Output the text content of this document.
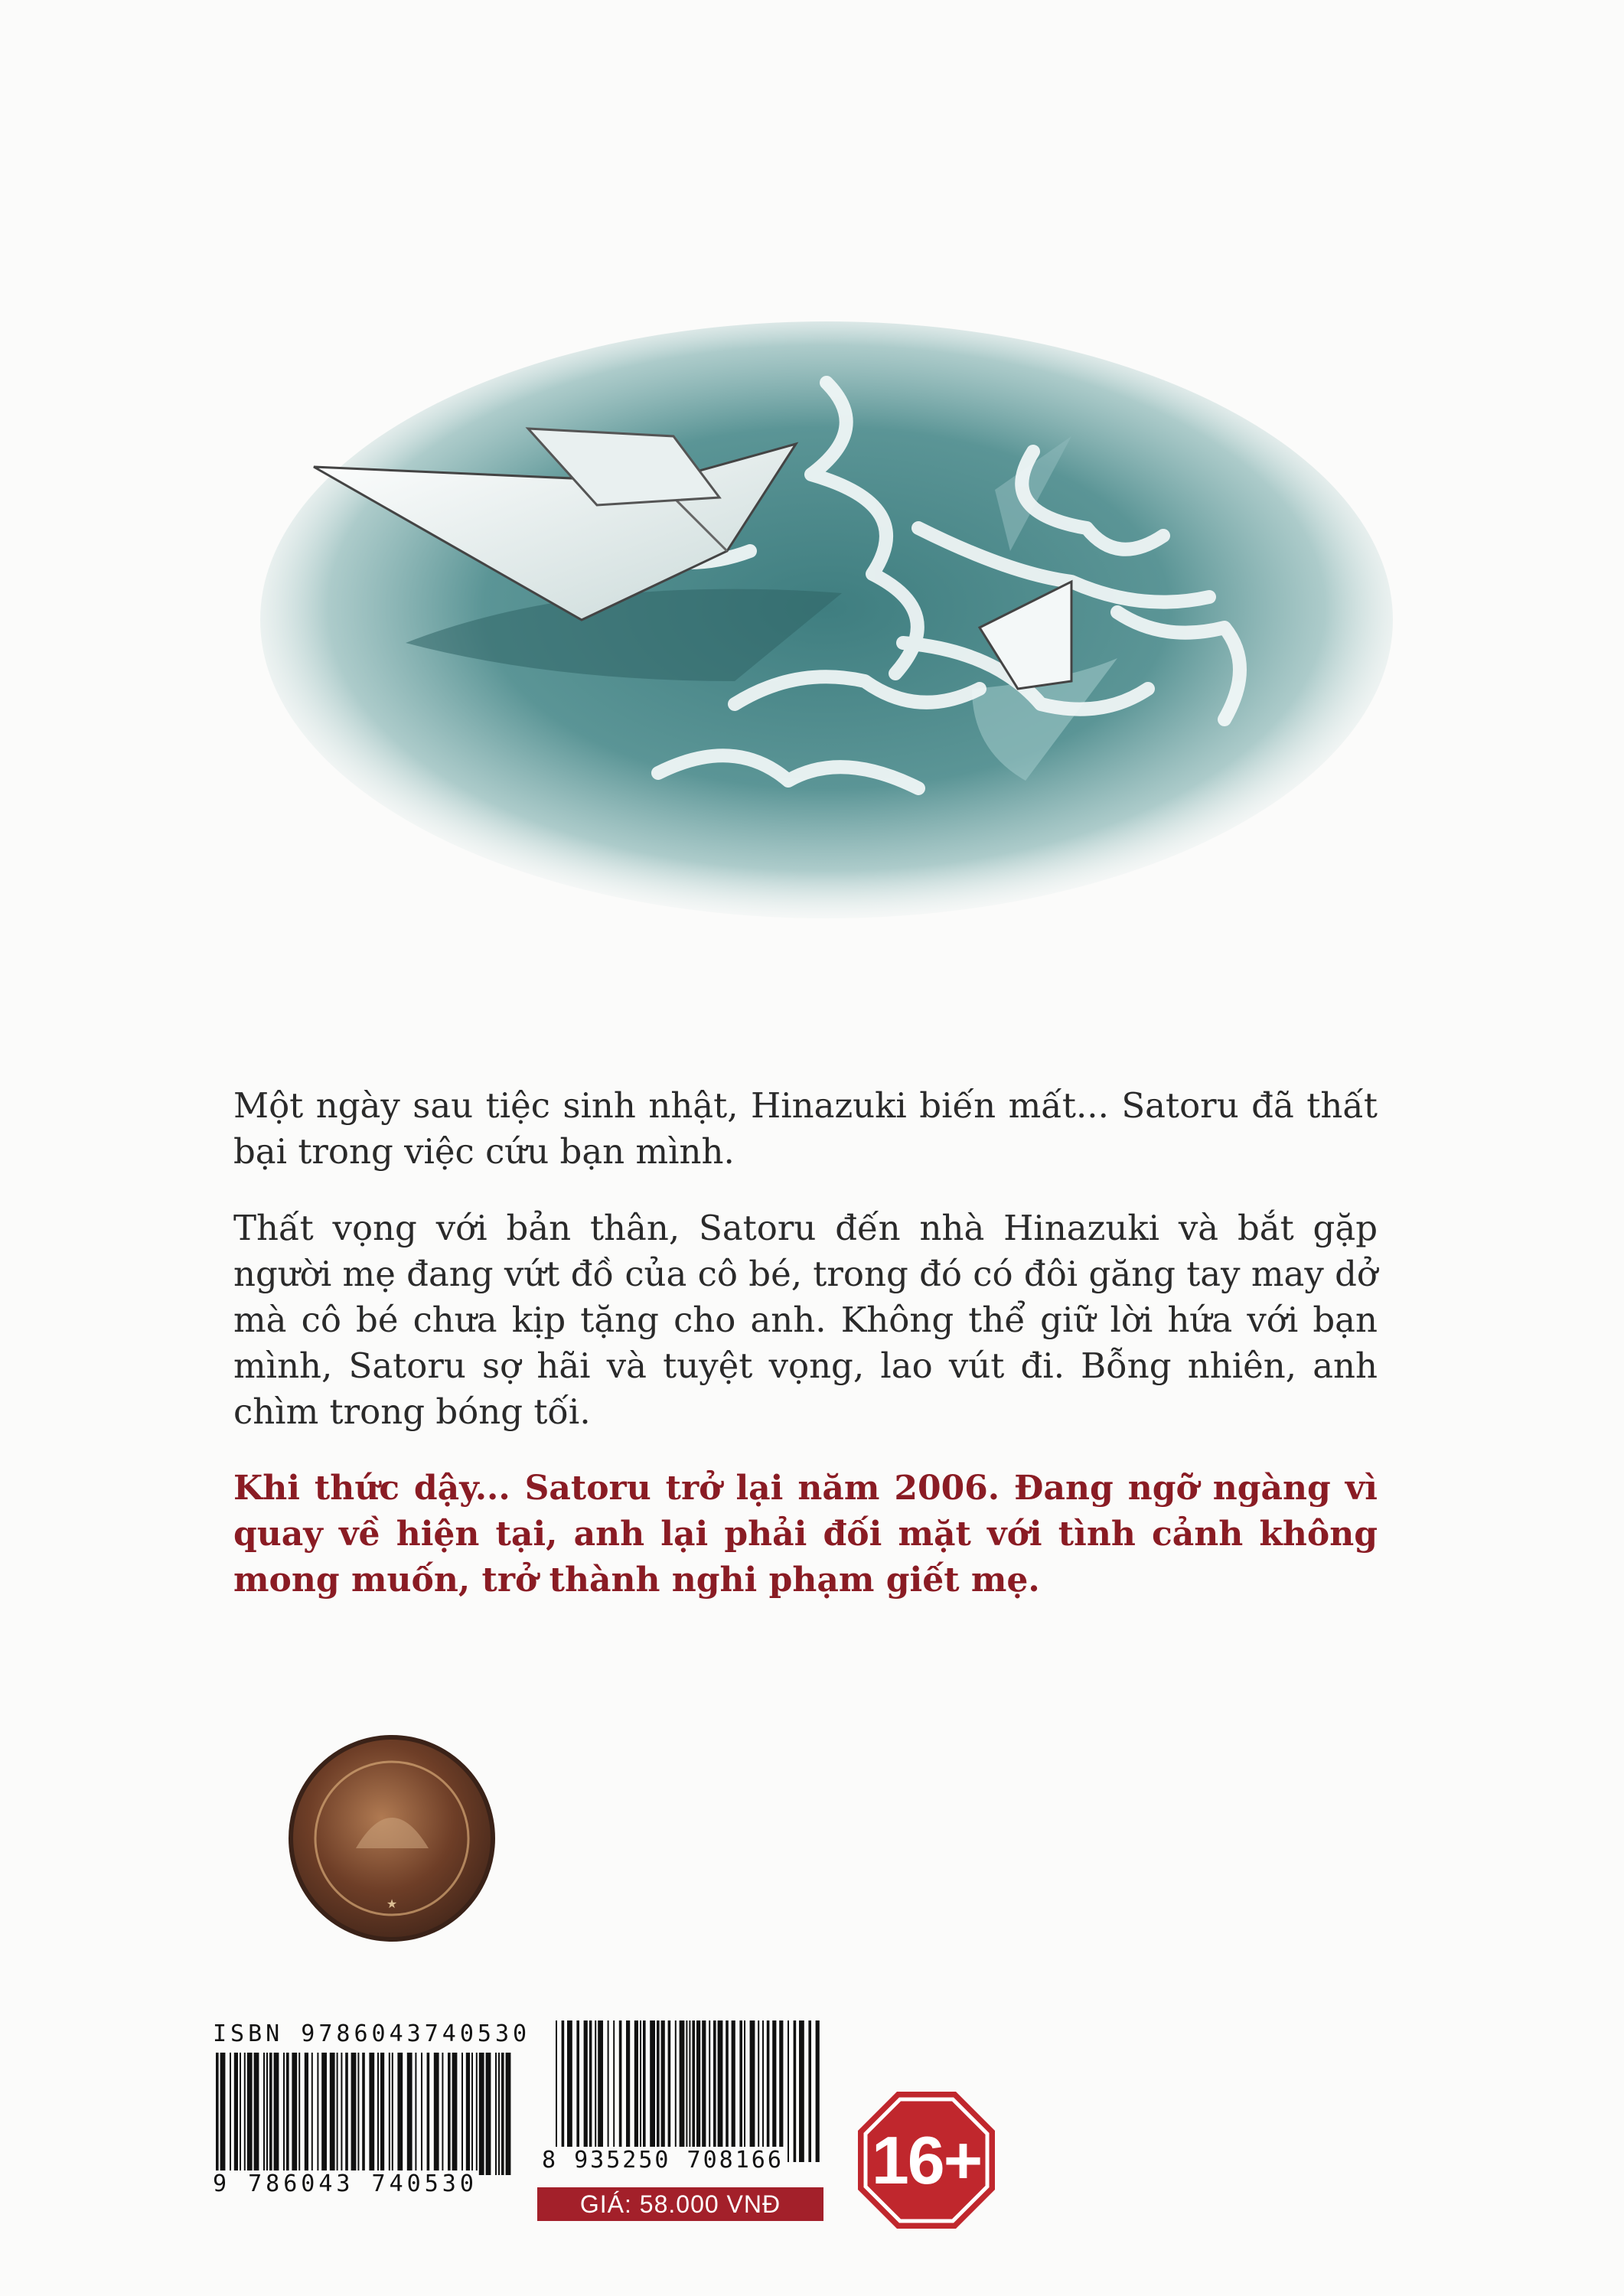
Một ngày sau tiệc sinh nhật, Hinazuki biến mất... Satoru đã thất bại trong việc cứu bạn mình.

Thất vọng với bản thân, Satoru đến nhà Hinazuki và bắt gặp người mẹ đang vứt đồ của cô bé, trong đó có đôi găng tay may dở mà cô bé chưa kịp tặng cho anh. Không thể giữ lời hứa với bạn mình, Satoru sợ hãi và tuyệt vọng, lao vút đi. Bỗng nhiên, anh chìm trong bóng tối.

Khi thức dậy... Satoru trở lại năm 2006. Đang ngỡ ngàng vì quay về hiện tại, anh lại phải đối mặt với tình cảnh không mong muốn, trở thành nghi phạm giết mẹ.

★
ISBN 9786043740530
9 786043 740530
8 935250 708166
GIÁ: 58.000 VNĐ
16+
